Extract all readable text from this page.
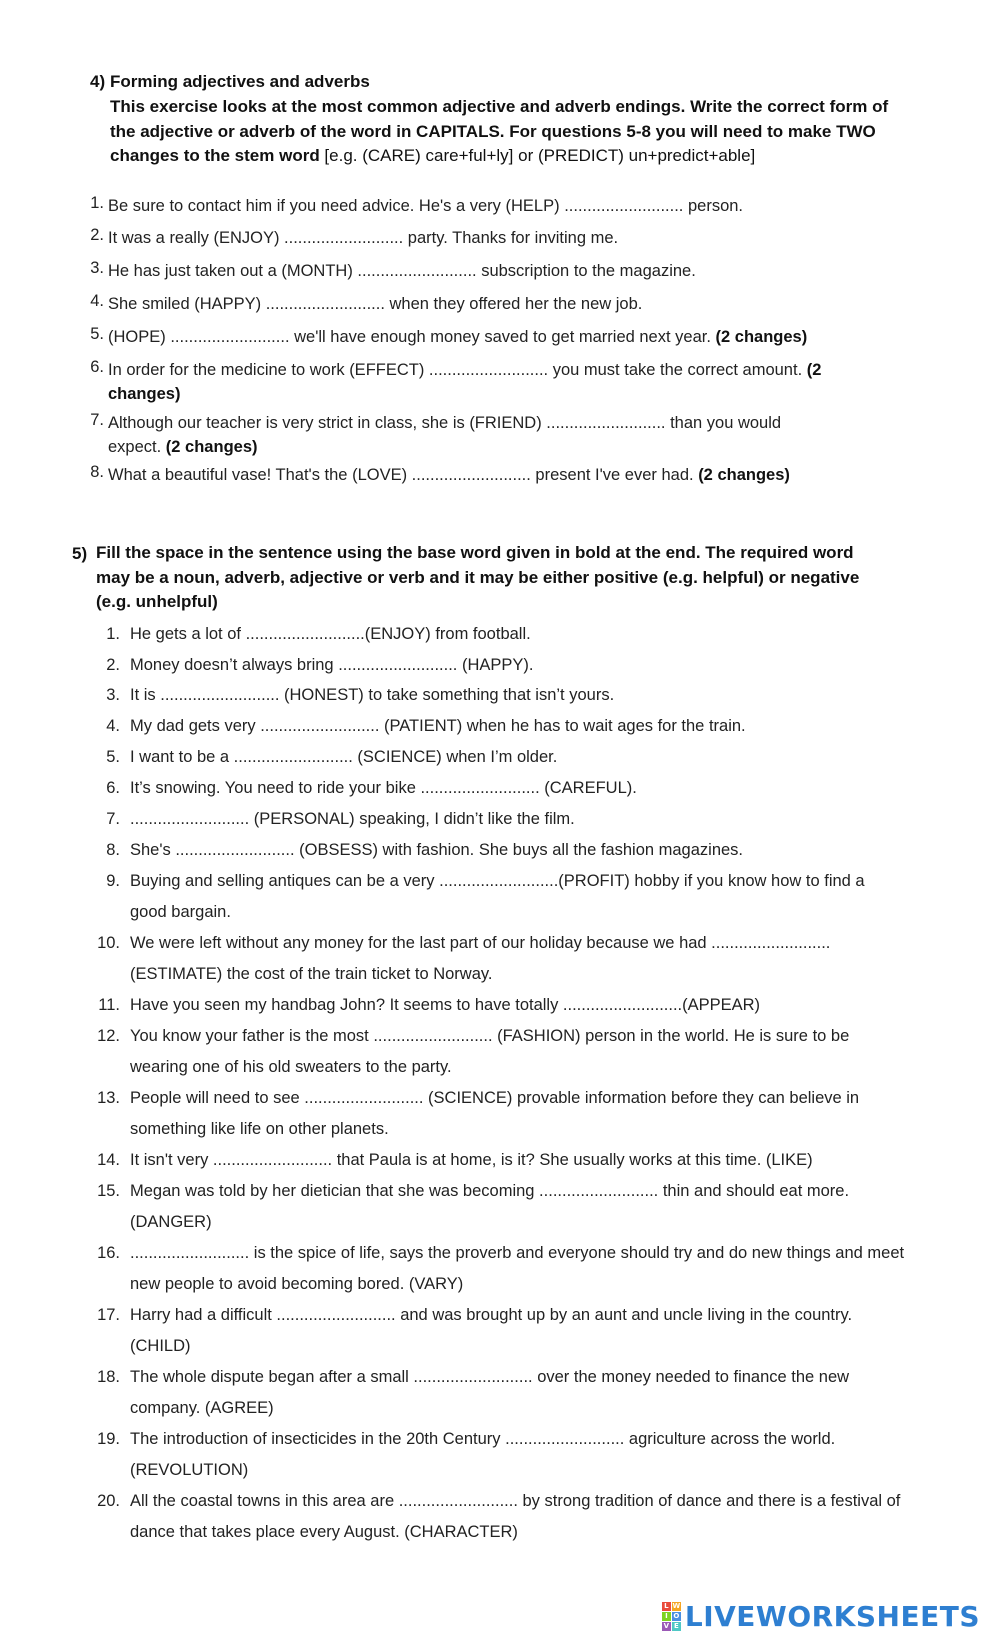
4) Forming adjectives and adverbs
This exercise looks at the most common adjective and adverb endings. Write the correct form of the adjective or adverb of the word in CAPITALS. For questions 5-8 you will need to make TWO changes to the stem word [e.g. (CARE) care+ful+ly] or (PREDICT) un+predict+able]
1. Be sure to contact him if you need advice. He's a very (HELP) .......................... person.
2. It was a really (ENJOY) .......................... party. Thanks for inviting me.
3. He has just taken out a (MONTH) .......................... subscription to the magazine.
4. She smiled (HAPPY) .......................... when they offered her the new job.
5. (HOPE) .......................... we'll have enough money saved to get married next year. (2 changes)
6. In order for the medicine to work (EFFECT) .......................... you must take the correct amount. (2 changes)
7. Although our teacher is very strict in class, she is (FRIEND) .......................... than you would expect. (2 changes)
8. What a beautiful vase! That's the (LOVE) .......................... present I've ever had. (2 changes)
5) Fill the space in the sentence using the base word given in bold at the end. The required word may be a noun, adverb, adjective or verb and it may be either positive (e.g. helpful) or negative (e.g. unhelpful)
1. He gets a lot of ..........................(ENJOY) from football.
2. Money doesn’t always bring .......................... (HAPPY).
3. It is .......................... (HONEST) to take something that isn’t yours.
4. My dad gets very .......................... (PATIENT) when he has to wait ages for the train.
5. I want to be a .......................... (SCIENCE) when I’m older.
6. It’s snowing. You need to ride your bike .......................... (CAREFUL).
7. .......................... (PERSONAL) speaking, I didn’t like the film.
8. She's .......................... (OBSESS) with fashion. She buys all the fashion magazines.
9. Buying and selling antiques can be a very ..........................(PROFIT) hobby if you know how to find a good bargain.
10. We were left without any money for the last part of our holiday because we had .......................... (ESTIMATE) the cost of the train ticket to Norway.
11. Have you seen my handbag John? It seems to have totally ..........................(APPEAR)
12. You know your father is the most .......................... (FASHION) person in the world. He is sure to be wearing one of his old sweaters to the party.
13. People will need to see .......................... (SCIENCE) provable information before they can believe in something like life on other planets.
14. It isn't very .......................... that Paula is at home, is it? She usually works at this time. (LIKE)
15. Megan was told by her dietician that she was becoming .......................... thin and should eat more. (DANGER)
16. .......................... is the spice of life, says the proverb and everyone should try and do new things and meet new people to avoid becoming bored. (VARY)
17. Harry had a difficult .......................... and was brought up by an aunt and uncle living in the country. (CHILD)
18. The whole dispute began after a small .......................... over the money needed to finance the new company. (AGREE)
19. The introduction of insecticides in the 20th Century .......................... agriculture across the world. (REVOLUTION)
20. All the coastal towns in this area are .......................... by strong tradition of dance and there is a festival of dance that takes place every August. (CHARACTER)
L W
I O
V E LIVEWORKSHEETS
